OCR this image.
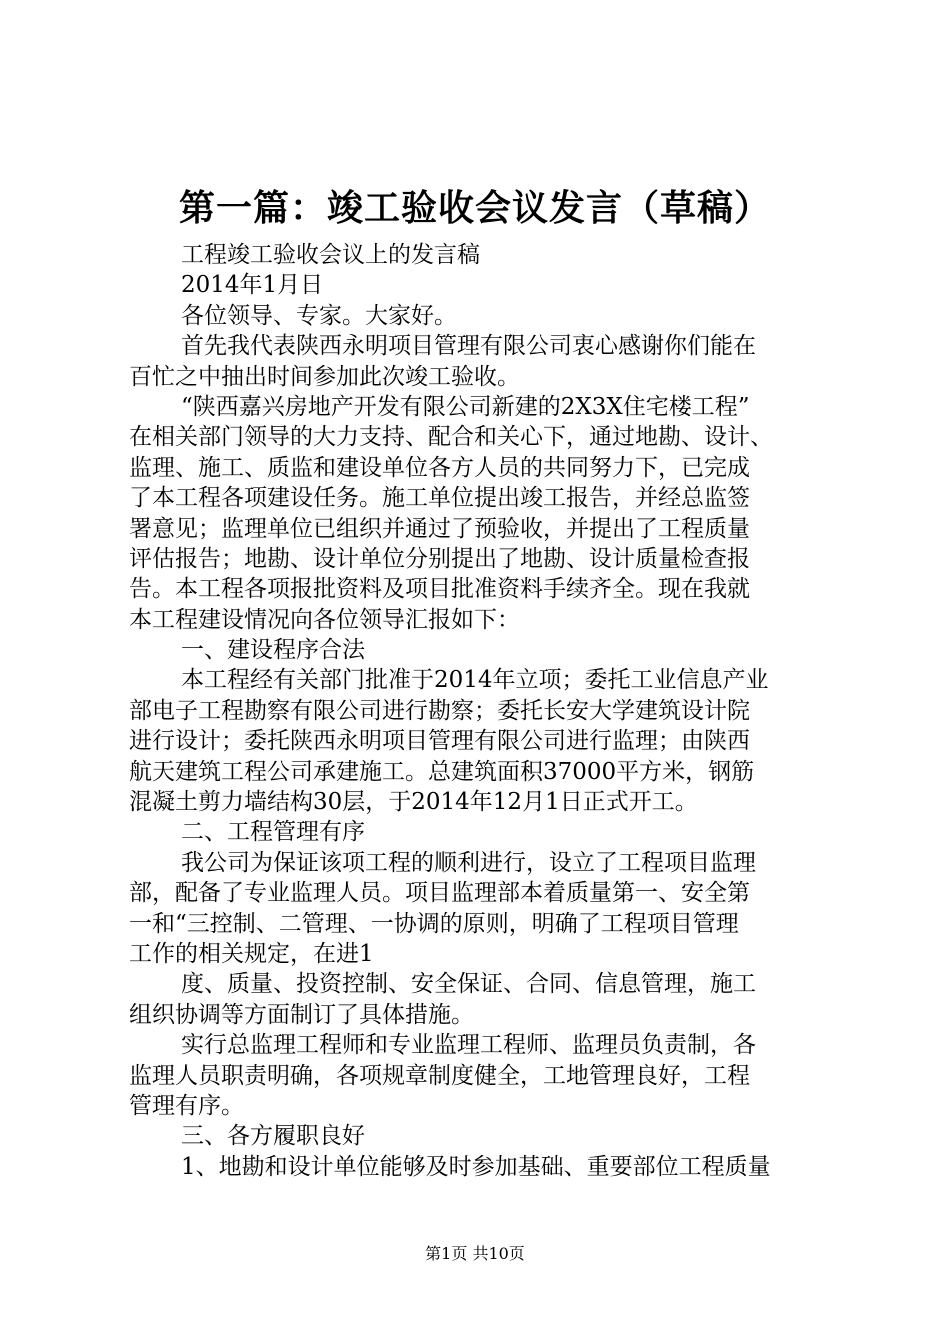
第一篇：竣工验收会议发言（草稿）
工程竣工验收会议上的发言稿
2014年1月日
各位领导、专家。大家好。
首先我代表陕西永明项目管理有限公司衷心感谢你们能在
百忙之中抽出时间参加此次竣工验收。
“陕西嘉兴房地产开发有限公司新建的2X3X住宅楼工程”
在相关部门领导的大力支持、配合和关心下，通过地勘、设计、
监理、施工、质监和建设单位各方人员的共同努力下，已完成
了本工程各项建设任务。施工单位提出竣工报告，并经总监签
署意见；监理单位已组织并通过了预验收，并提出了工程质量
评估报告；地勘、设计单位分别提出了地勘、设计质量检查报
告。本工程各项报批资料及项目批准资料手续齐全。现在我就
本工程建设情况向各位领导汇报如下：
一、建设程序合法
本工程经有关部门批准于2014年立项；委托工业信息产业
部电子工程勘察有限公司进行勘察；委托长安大学建筑设计院
进行设计；委托陕西永明项目管理有限公司进行监理；由陕西
航天建筑工程公司承建施工。总建筑面积37000平方米，钢筋
混凝土剪力墙结构30层，于2014年12月1日正式开工。
二、工程管理有序
我公司为保证该项工程的顺利进行，设立了工程项目监理
部，配备了专业监理人员。项目监理部本着质量第一、安全第
一和“三控制、二管理、一协调的原则，明确了工程项目管理
工作的相关规定，在进1
度、质量、投资控制、安全保证、合同、信息管理，施工
组织协调等方面制订了具体措施。
实行总监理工程师和专业监理工程师、监理员负责制，各
监理人员职责明确，各项规章制度健全，工地管理良好，工程
管理有序。
三、各方履职良好
1、地勘和设计单位能够及时参加基础、重要部位工程质量
第1页 共10页
